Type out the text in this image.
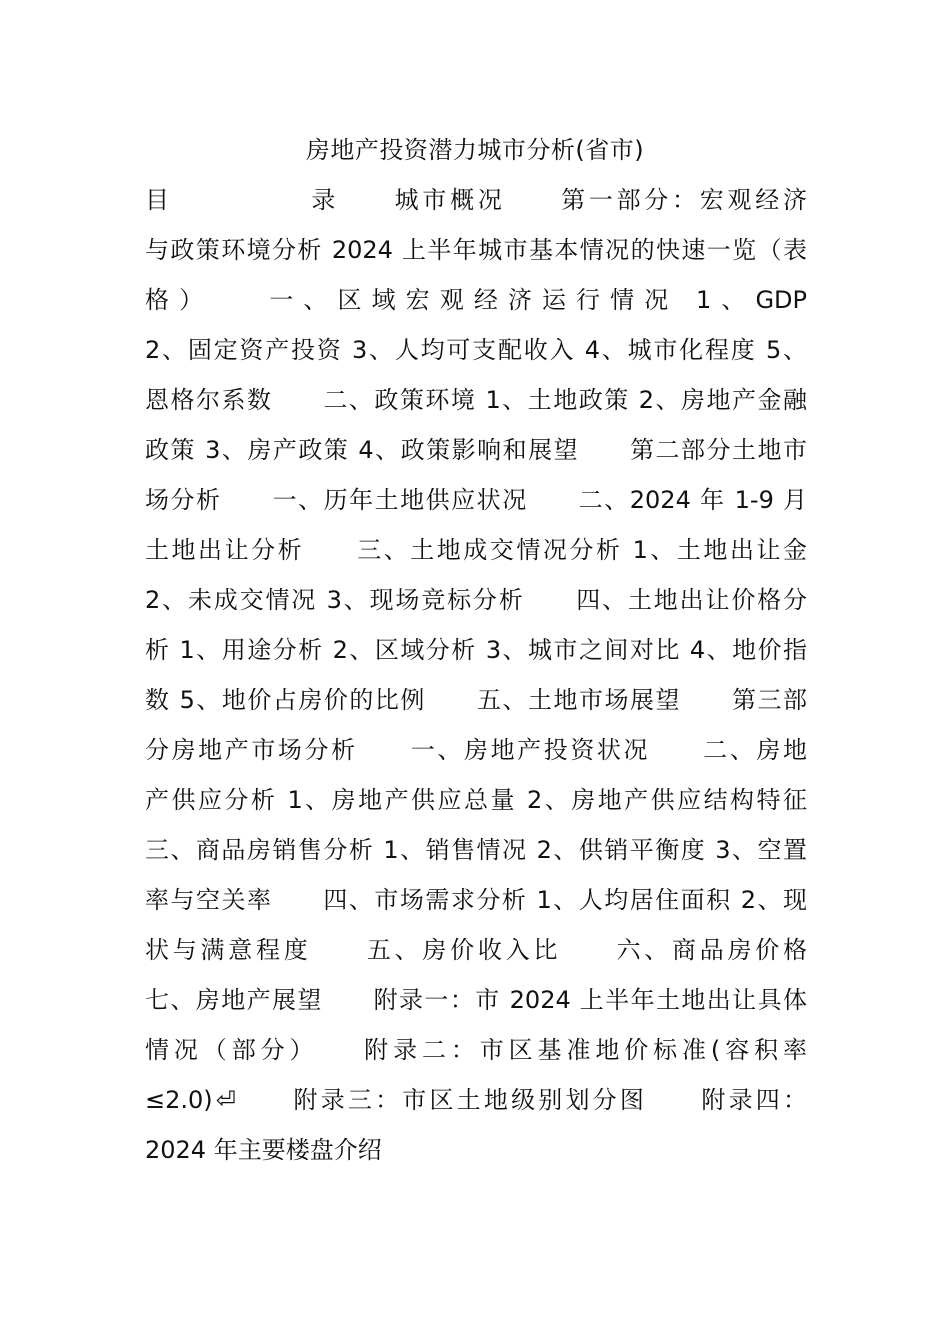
房地产投资潜力城市分析(省市)
目　　　　　录　　城市概况　　第一部分：宏观经济
与政策环境分析 2024 上半年城市基本情况的快速一览（表
格）　　一、区域宏观经济运行情况 1、GDP
2、固定资产投资 3、人均可支配收入 4、城市化程度 5、
恩格尔系数　　二、政策环境 1、土地政策 2、房地产金融
政策 3、房产政策 4、政策影响和展望　　第二部分土地市
场分析　　一、历年土地供应状况　　二、2024 年 1-9 月
土地出让分析　　三、土地成交情况分析 1、土地出让金
2、未成交情况 3、现场竞标分析　　四、土地出让价格分
析 1、用途分析 2、区域分析 3、城市之间对比 4、地价指
数 5、地价占房价的比例　　五、土地市场展望　　第三部
分房地产市场分析　　一、房地产投资状况　　二、房地
产供应分析 1、房地产供应总量 2、房地产供应结构特征
三、商品房销售分析 1、销售情况 2、供销平衡度 3、空置
率与空关率　　四、市场需求分析 1、人均居住面积 2、现
状与满意程度　　五、房价收入比　　六、商品房价格
七、房地产展望　　附录一：市 2024 上半年土地出让具体
情况（部分）　　附录二：市区基准地价标准(容积率
≤2.0)⏎　　附录三：市区土地级别划分图　　附录四：
2024 年主要楼盘介绍
